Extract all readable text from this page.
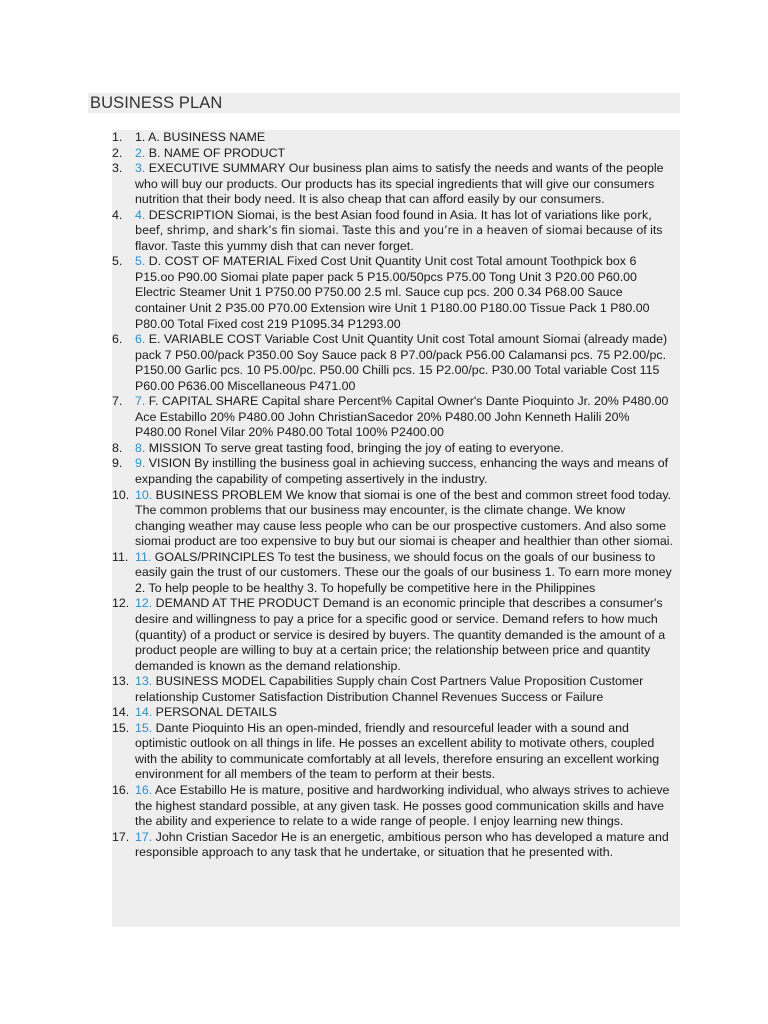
BUSINESS PLAN
1.	1. A. BUSINESS NAME
2.	2. B. NAME OF PRODUCT
3.	3. EXECUTIVE SUMMARY Our business plan aims to satisfy the needs and wants of the people who will buy our products. Our products has its special ingredients that will give our consumers nutrition that their body need. It is also cheap that can afford easily by our consumers.
4.	4. DESCRIPTION Siomai, is the best Asian food found in Asia. It has lot of variations like pork, beef, shrimp, and shark’s fin siomai. Taste this and you’re in a heaven of siomai because of its flavor. Taste this yummy dish that can never forget.
5.	5. D. COST OF MATERIAL Fixed Cost Unit Quantity Unit cost Total amount Toothpick box 6 P15.oo P90.00 Siomai plate paper pack 5 P15.00/50pcs P75.00 Tong Unit 3 P20.00 P60.00 Electric Steamer Unit 1 P750.00 P750.00 2.5 ml. Sauce cup pcs. 200 0.34 P68.00 Sauce container Unit 2 P35.00 P70.00 Extension wire Unit 1 P180.00 P180.00 Tissue Pack 1 P80.00 P80.00 Total Fixed cost 219 P1095.34 P1293.00
6.	6. E. VARIABLE COST Variable Cost Unit Quantity Unit cost Total amount Siomai (already made) pack 7 P50.00/pack P350.00 Soy Sauce pack 8 P7.00/pack P56.00 Calamansi pcs. 75 P2.00/pc. P150.00 Garlic pcs. 10 P5.00/pc. P50.00 Chilli pcs. 15 P2.00/pc. P30.00 Total variable Cost 115 P60.00 P636.00 Miscellaneous P471.00
7.	7. F. CAPITAL SHARE Capital share Percent% Capital Owner's Dante Pioquinto Jr. 20% P480.00 Ace Estabillo 20% P480.00 John ChristianSacedor 20% P480.00 John Kenneth Halili 20% P480.00 Ronel Vilar 20% P480.00 Total 100% P2400.00
8.	8. MISSION To serve great tasting food, bringing the joy of eating to everyone.
9.	9. VISION By instilling the business goal in achieving success, enhancing the ways and means of expanding the capability of competing assertively in the industry.
10. 10. BUSINESS PROBLEM We know that siomai is one of the best and common street food today. The common problems that our business may encounter, is the climate change. We know changing weather may cause less people who can be our prospective customers. And also some siomai product are too expensive to buy but our siomai is cheaper and healthier than other siomai.
11. 11. GOALS/PRINCIPLES To test the business, we should focus on the goals of our business to easily gain the trust of our customers. These our the goals of our business 1. To earn more money 2. To help people to be healthy 3. To hopefully be competitive here in the Philippines
12. 12. DEMAND AT THE PRODUCT Demand is an economic principle that describes a consumer's desire and willingness to pay a price for a specific good or service. Demand refers to how much (quantity) of a product or service is desired by buyers. The quantity demanded is the amount of a product people are willing to buy at a certain price; the relationship between price and quantity demanded is known as the demand relationship.
13. 13. BUSINESS MODEL Capabilities Supply chain Cost Partners Value Proposition Customer relationship Customer Satisfaction Distribution Channel Revenues Success or Failure
14. 14. PERSONAL DETAILS
15. 15. Dante Pioquinto His an open-minded, friendly and resourceful leader with a sound and optimistic outlook on all things in life. He posses an excellent ability to motivate others, coupled with the ability to communicate comfortably at all levels, therefore ensuring an excellent working environment for all members of the team to perform at their bests.
16. 16. Ace Estabillo He is mature, positive and hardworking individual, who always strives to achieve the highest standard possible, at any given task. He posses good communication skills and have the ability and experience to relate to a wide range of people. I enjoy learning new things.
17. 17. John Cristian Sacedor He is an energetic, ambitious person who has developed a mature and responsible approach to any task that he undertake, or situation that he presented with.
